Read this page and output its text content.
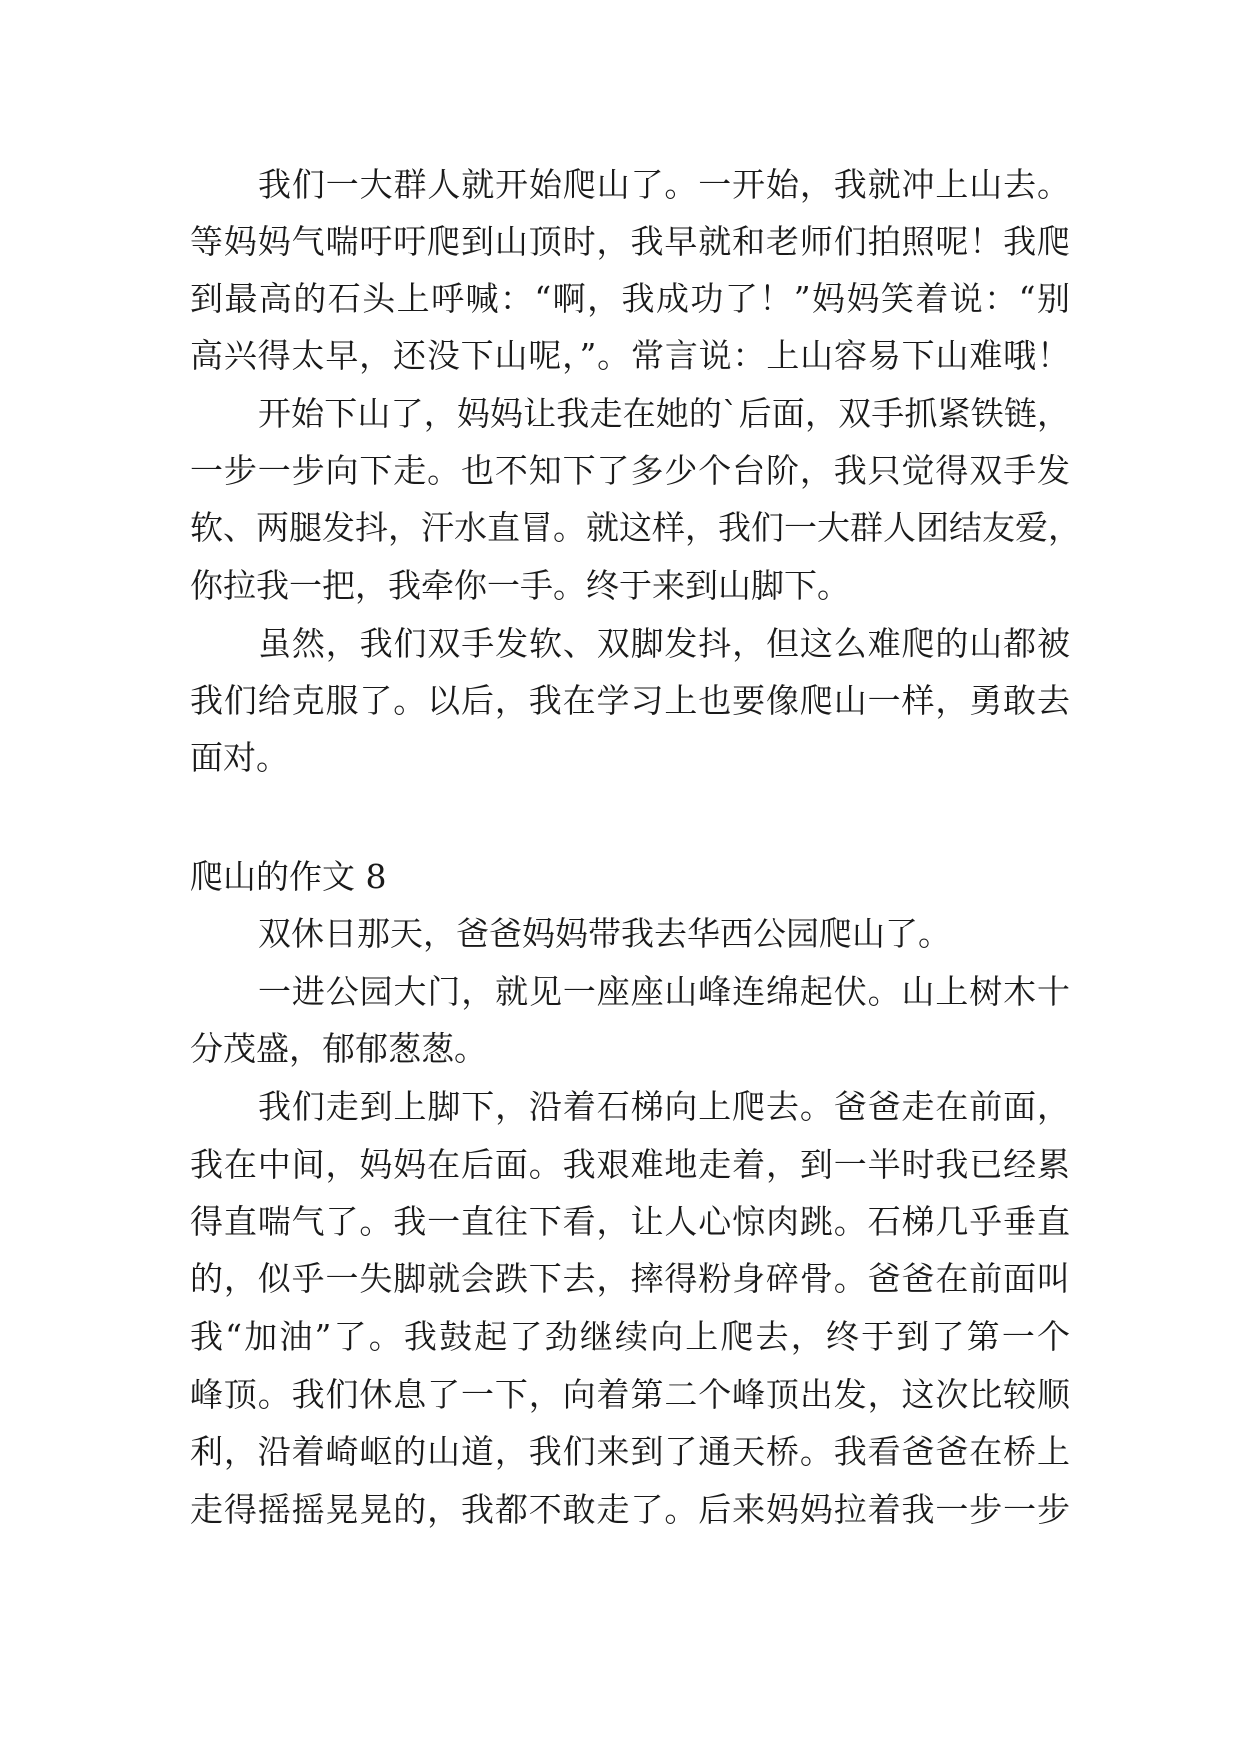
我们一大群人就开始爬山了。一开始，我就冲上山去。
等妈妈气喘吁吁爬到山顶时，我早就和老师们拍照呢！我爬
到最高的石头上呼喊：“啊，我成功了！”妈妈笑着说：“别
高兴得太早，还没下山呢，”。常言说：上山容易下山难哦！
开始下山了，妈妈让我走在她的`后面，双手抓紧铁链，
一步一步向下走。也不知下了多少个台阶，我只觉得双手发
软、两腿发抖，汗水直冒。就这样，我们一大群人团结友爱，
你拉我一把，我牵你一手。终于来到山脚下。
虽然，我们双手发软、双脚发抖，但这么难爬的山都被
我们给克服了。以后，我在学习上也要像爬山一样，勇敢去
面对。
爬山的作文 8
双休日那天，爸爸妈妈带我去华西公园爬山了。
一进公园大门，就见一座座山峰连绵起伏。山上树木十
分茂盛，郁郁葱葱。
我们走到上脚下，沿着石梯向上爬去。爸爸走在前面，
我在中间，妈妈在后面。我艰难地走着，到一半时我已经累
得直喘气了。我一直往下看，让人心惊肉跳。石梯几乎垂直
的，似乎一失脚就会跌下去，摔得粉身碎骨。爸爸在前面叫
我“加油”了。我鼓起了劲继续向上爬去，终于到了第一个
峰顶。我们休息了一下，向着第二个峰顶出发，这次比较顺
利，沿着崎岖的山道，我们来到了通天桥。我看爸爸在桥上
走得摇摇晃晃的，我都不敢走了。后来妈妈拉着我一步一步
